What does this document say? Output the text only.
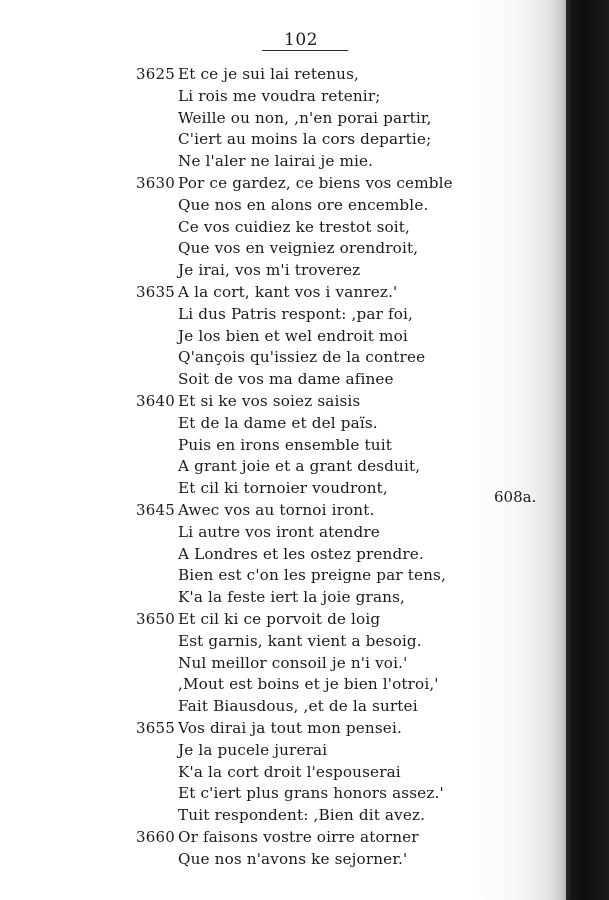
102
3625 Et ce je sui lai retenus,
Li rois me voudra retenir;
Weille ou non, ,n'en porai partir,
C'iert au moins la cors departie;
Ne l'aler ne lairai je mie.
3630 Por ce gardez, ce biens vos cemble
Que nos en alons ore encemble.
Ce vos cuidiez ke trestot soit,
Que vos en veigniez orendroit,
Je irai, vos m'i troverez
3635 A la cort, kant vos i vanrez.'
Li dus Patris respont: ,par foi,
Je los bien et wel endroit moi
Q'ançois qu'issiez de la contree
Soit de vos ma dame afinee
3640 Et si ke vos soiez saisis
Et de la dame et del païs.
Puis en irons ensemble tuit
A grant joie et a grant desduit,
Et cil ki tornoier voudront,
3645 Awec vos au tornoi iront.
Li autre vos iront atendre
A Londres et les ostez prendre.
Bien est c'on les preigne par tens,
K'a la feste iert la joie grans,
3650 Et cil ki ce porvoit de loig
Est garnis, kant vient a besoig.
Nul meillor consoil je n'i voi.'
,Mout est boins et je bien l'otroi,'
Fait Biausdous, ,et de la surtei
3655 Vos dirai ja tout mon pensei.
Je la pucele jurerai
K'a la cort droit l'espouserai
Et c'iert plus grans honors assez.'
Tuit respondent: ,Bien dit avez.
3660 Or faisons vostre oirre atorner
Que nos n'avons ke sejorner.'
608a.
